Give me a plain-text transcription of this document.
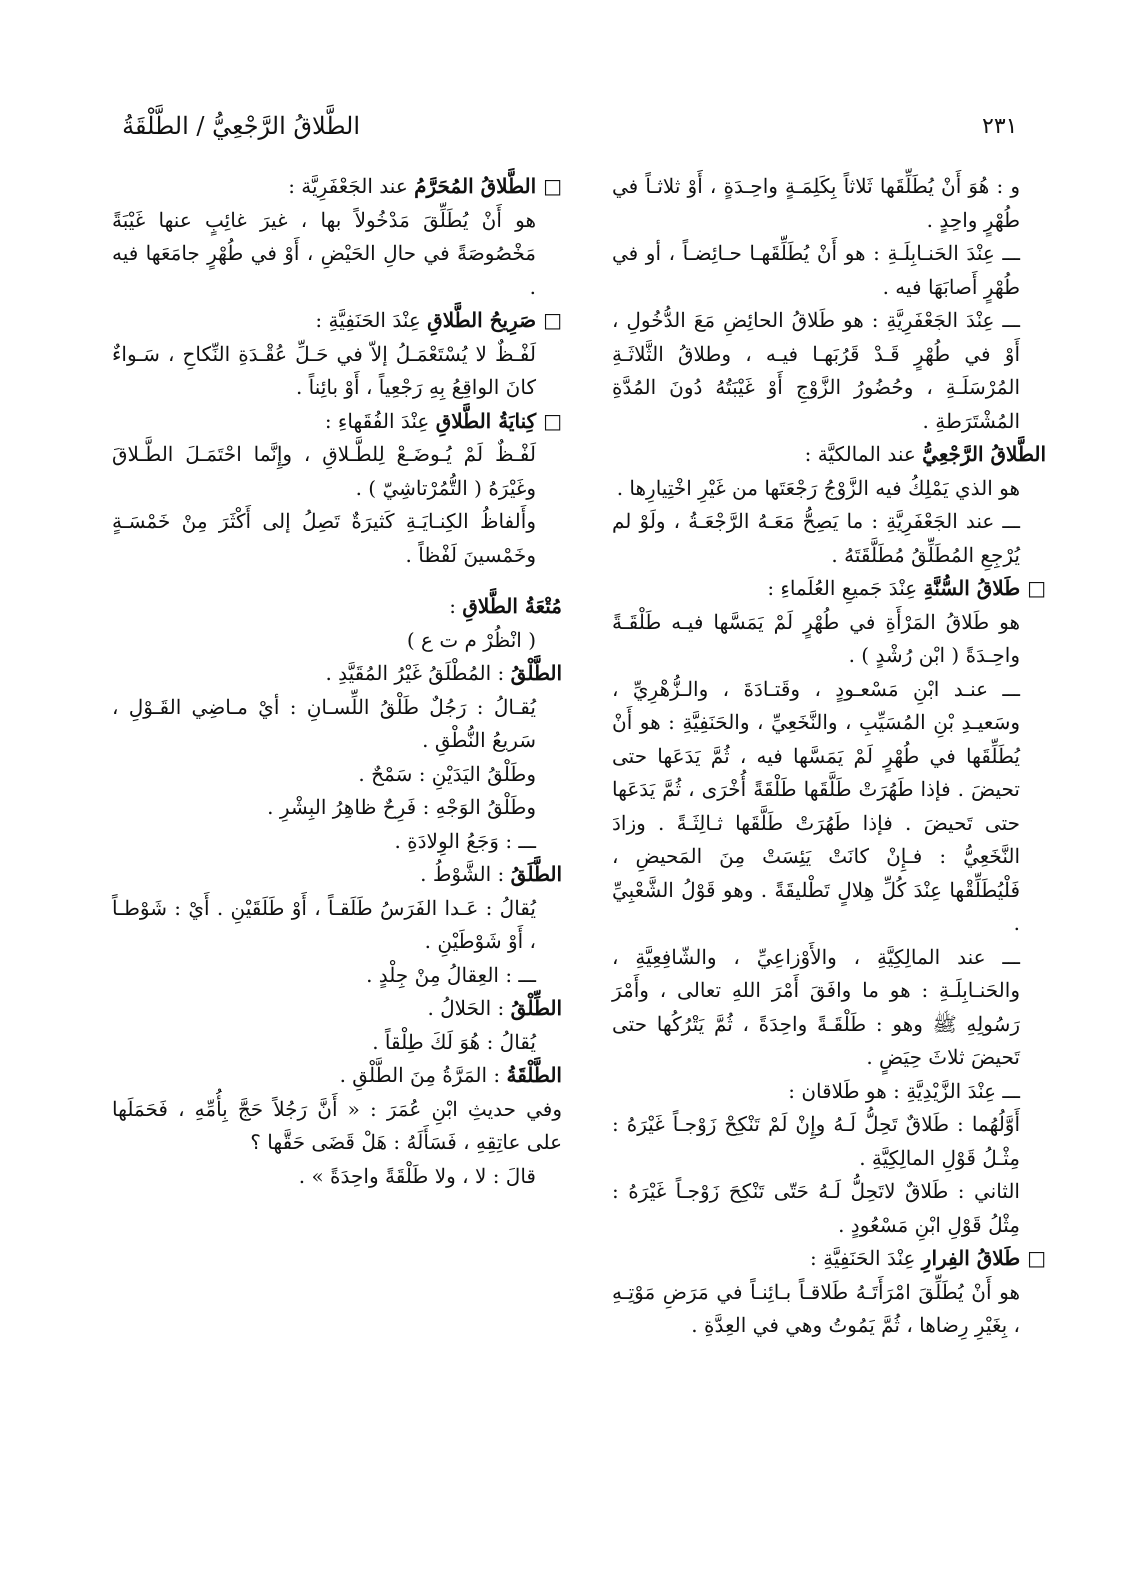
الطَّلاقُ الرَّجْعِيُّ / الطَّلْقَةُ	٢٣١

و : هُوَ أَنْ يُطَلِّقَها ثَلاثاً بِكَلِمَـةٍ واحِـدَةٍ ، أَوْ ثلاثـاً في طُهْرٍ واحِدٍ .

ـــ عِنْدَ الحَنـابِلَـةِ : هو أَنْ يُطَلِّقَهـا حـائِضـاً ، أو في طُهْرٍ أَصابَهَا فيه .

ـــ عِنْدَ الجَعْفَرِيَّةِ : هو طَلاقُ الحائِضِ مَعَ الدُّخُولِ ، أَوْ في طُهْرٍ قَـدْ قَرُبَهـا فيـه ، وطلاقُ الثَّلاثَـةِ المُرْسَلَـةِ ، وحُضُورُ الزَّوْجِ أَوْ غَيْبَتُهُ دُونَ المُدَّةِ المُشْتَرَطةِ .

الطَّلاقُ الرَّجْعِيُّ عند المالكيَّة :

هو الذي يَمْلِكُ فيه الزَّوْجُ رَجْعَتَها من غَيْرِ اخْتِيارِها .

ـــ عند الجَعْفَرِيَّةِ : ما يَصِحُّ مَعَـهُ الرَّجْعَـةُ ، ولَوْ لم يُرْجِعِ المُطَلِّقُ مُطَلَّقَتَهُ .

□ طَلاقُ السُّنَّةِ عِنْدَ جَميعِ العُلَماءِ :

هو طَلاقُ المَرْأَةِ في طُهْرٍ لَمْ يَمَسَّها فيـه طَلْقَـةً واحِـدَةً ( ابْن رُشْدٍ ) .

ـــ عنـد ابْنِ مَسْعـودٍ ، وقَتـادَةَ ، والـزُّهْرِيِّ ، وسَعيـدِ بْنِ المُسَيِّبِ ، والنَّخَعِيِّ ، والحَنَفِيَّةِ : هو أَنْ يُطَلِّقَها في طُهْرٍ لَمْ يَمَسَّها فيه ، ثُمَّ يَدَعَها حتى تحيضَ . فإذا طَهُرَتْ طَلَّقَها طَلْقَةً أُخْرَى ، ثُمَّ يَدَعَها حتى تَحيضَ . فإذا طَهُرَتْ طَلَّقَها ثـالِثَـةً . وزادَ النَّخَعِيُّ : فـإِنْ كانَتْ يَئِسَتْ مِنَ المَحيضِ ، فَلْيُطَلِّقْها عِنْدَ كُلِّ هِلالٍ تَطْليقَةً . وهو قَوْلُ الشَّعْبِيِّ .

ـــ عند المالِكِيَّةِ ، والأَوْزاعِيِّ ، والشّافِعِيَّةِ ، والحَنـابِلَـةِ : هو ما وافَقَ أَمْرَ اللهِ تعالى ، وأَمْرَ رَسُولِهِ ﷺ وهو : طَلْقَـةً واحِدَةً ، ثُمَّ يَتْرُكُها حتى تَحيضَ ثلاثَ حِيَضٍ .

ـــ عِنْدَ الزَّيْدِيَّةِ : هو طَلاقان :

أَوَّلُهُما : طَلاقٌ تَحِلُّ لَـهُ وإِنْ لَمْ تَنْكِحْ زَوْجـاً غَيْرَهُ : مِثْـلُ قَوْلِ المالِكِيَّةِ .

الثاني : طَلاقٌ لاتَحِلُّ لَـهُ حَتّى تَنْكِحَ زَوْجـاً غَيْرَهُ : مِثْلُ قَوْلِ ابْنِ مَسْعُودٍ .

□ طَلاقُ الفِرارِ عِنْدَ الحَنَفِيَّةِ :

هو أَنْ يُطَلِّقَ امْرَأَتَـهُ طَلاقـاً بـائِنـاً في مَرَضِ مَوْتِـهِ ، بِغَيْرِ رِضاها ، ثُمَّ يَمُوتُ وهي في العِدَّةِ .

□ الطَّلاقُ المُحَرَّمُ عند الجَعْفَرِيَّة :

هو أَنْ يُطَلِّقَ مَدْخُولاً بها ، غيرَ غائِبٍ عنها غَيْبَةً مَخْصُوصَةً في حالِ الحَيْضِ ، أَوْ في طُهْرٍ جامَعَها فيه .

□ صَرِيحُ الطَّلاقِ عِنْدَ الحَنَفِيَّةِ :

لَفْـظٌ لا يُسْتَعْمَـلُ إلاّ في حَـلِّ عُقْـدَةِ النِّكاحِ ، سَـواءٌ كانَ الواقِعُ بِهِ رَجْعِياً ، أَوْ بائِناً .

□ كِنايَةُ الطَّلاقِ عِنْدَ الفُقَهاءِ :

لَفْـظٌ لَمْ يُـوضَـعْ لِلطَّـلاقِ ، وإِنَّما احْتَمَـلَ الطَّـلاقَ وغَيْرَهُ ( التُّمُرْتاشِيّ ) .

وأَلفاظُ الكِنـايَـةِ كَثيرَةٌ تَصِلُ إلى أَكْثَرَ مِنْ خَمْسَـةٍ وخَمْسينَ لَفْظاً .

مُتْعَةُ الطَّلاقِ :

( انْظُرْ م ت ع )

الطَّلْقُ : المُطْلَقُ غَيْرُ المُقَيَّدِ .

يُقـالُ : رَجُلٌ طَلْقُ اللِّسـانِ : أيْ مـاضِي القَـوْلِ ، سَريعُ النُّطْقِ .

وطَلْقُ اليَدَيْنِ : سَمْحٌ .

وطَلْقُ الوَجْهِ : فَرِحٌ ظاهِرُ البِشْرِ .

ـــ : وَجَعُ الوِلادَةِ .

الطَّلَقُ : الشَّوْطُ .

يُقالُ : عَـدا الفَرَسُ طَلَقـاً ، أَوْ طَلَقَيْنِ . أَيْ : شَوْطـاً ، أَوْ شَوْطَيْنِ .

ـــ : العِقالُ مِنْ جِلْدٍ .

الطِّلْقُ : الحَلالُ .

يُقالُ : هُوَ لَكَ طِلْقاً .

الطَّلْقَةُ : المَرَّةُ مِنَ الطَّلْقِ .

وفي حديثِ ابْنِ عُمَرَ : « أَنَّ رَجُلاً حَجَّ بِأُمِّهِ ، فَحَمَلَها على عاتِقِهِ ، فَسَأَلَهُ : هَلْ قَضَى حَقَّها ؟

قالَ : لا ، ولا طَلْقَةً واحِدَةً » .
